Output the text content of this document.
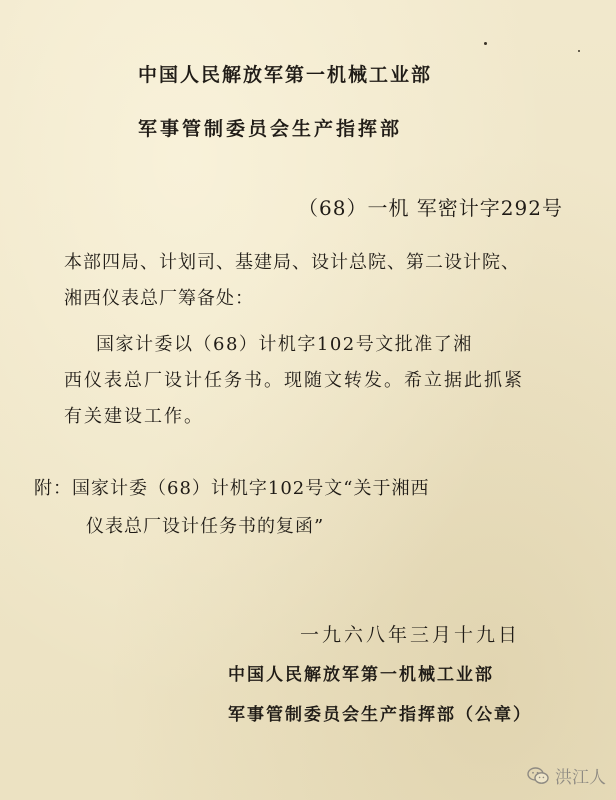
中国人民解放军第一机械工业部

军事管制委员会生产指挥部

（68）一机 军密计字292号

本部四局、计划司、基建局、设计总院、第二设计院、

湘西仪表总厂筹备处：

国家计委以（68）计机字102号文批准了湘

西仪表总厂设计任务书。现随文转发。希立据此抓紧

有关建设工作。

附：国家计委（68）计机字102号文“关于湘西

仪表总厂设计任务书的复函”

一九六八年三月十九日

中国人民解放军第一机械工业部

军事管制委员会生产指挥部（公章）

洪江人
